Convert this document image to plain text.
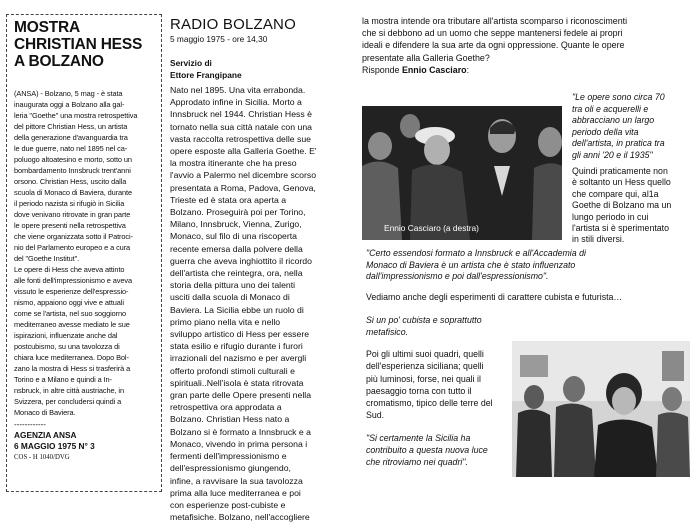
MOSTRA
CHRISTIAN HESS
A BOLZANO
(ANSA) - Bolzano, 5 mag - è stata
inaugurata oggi a Bolzano alla gal-
leria "Goethe" una mostra retrospettiva
del pittore Christian Hess, un artista
della generazione d'avanguardia tra
le due guerre, nato nel 1895 nel ca-
poluogo altoatesino e morto, sotto un
bombardamento Innsbruck trent'anni
orsono. Christian Hess, uscito dalla
scuola di Monaco di Baviera, durante
il periodo nazista si rifugiò in Sicilia
dove venivano ritrovate in gran parte
le opere presenti nella retrospettiva
che viene organizzata sotto il Patroci-
nio del Parlamento europeo e a cura
del "Goethe Institut".
Le opere di Hess che aveva attinto
alle fonti dell'impressionismo e aveva
vissuto le esperienze dell'espressio-
nismo, appaiono oggi vive e attuali
come se l'artista, nel suo soggiorno
mediterraneo avesse mediato le sue
ispirazioni, influenzate anche dal
postcubismo, su una tavolozza di
chiara luce mediterranea. Dopo Bol-
zano la mostra di Hess si trasferirà a
Torino e a Milano e quindi a In-
nsbruck, in altre città austriache, in
Svizzera, per concludersi quindi a
Monaco di Baviera.
------------
AGENZIA ANSA
6 MAGGIO 1975 N° 3
COS - H 1040/DVG
RADIO BOLZANO
5 maggio 1975 - ore 14,30
Servizio di
Ettore Frangipane
Nato nel 1895. Una vita errabonda.
Approdato infine in Sicilia. Morto a
Innsbruck nel 1944. Christian Hess è
tornato nella sua città natale con una
vasta raccolta retrospettiva delle sue
opere esposte alla Galleria Goethe. E'
la mostra itinerante che ha preso
l'avvio a Palermo nel dicembre scorso
presentata a Roma, Padova, Genova,
Trieste ed è stata ora aperta a
Bolzano. Proseguirà poi per Torino,
Milano, Innsbruck, Vienna, Zurigo,
Monaco, sul filo di una riscoperta
recente emersa dalla polvere della
guerra che aveva inghiottito il ricordo
dell'artista che reintegra, ora, nella
storia della pittura uno dei talenti
usciti dalla scuola di Monaco di
Baviera. La Sicilia ebbe un ruolo di
primo piano nella vita e nello
sviluppo artistico di Hess per essere
stata esilio e rifugio durante i furori
irrazionali del nazismo e per avergli
offerto profondi stimoli culturali e
spirituali..Nell'isola è stata ritrovata
gran parte delle Opere presenti nella
retrospettiva ora approdata a
Bolzano. Christian Hess nato a
Bolzano si è formato a Innsbruck e a
Monaco, vivendo in prima persona i
fermenti dell'impressionismo e
dell'espressionismo giungendo,
infine, a ravvisare la sua tavolozza
prima alla luce mediterranea e poi
con esperienze post-cubiste e
metafisiche. Bolzano, nell'accogliere
la mostra intende ora tributare all'artista scomparso i riconoscimenti
che si debbono ad un uomo che seppe mantenersi fedele ai propri
ideali e difendere la sua arte da ogni oppressione. Quante le opere
presentate alla Galleria Goethe?
Risponde Ennio Casciaro:
Ennio Casciaro (a destra)
"Le opere sono circa 70
tra oli e acquerelli e
abbracciano un largo
periodo della vita
dell'artista, in pratica tra
gli anni '20 e il 1935"
Quindi praticamente non
è soltanto un Hess quello
che compare qui, al1a
Goethe di Bolzano ma un
lungo periodo in cui
l'artista si è sperimentato
in stili diversi.
"Certo essendosi formato a Innsbruck e all'Accademia di
Monaco di Baviera è un artista che è stato influenzato
dall'impressionismo e poi dall'espressionismo".
Vediamo anche degli esperimenti di carattere cubista e futurista…
Si un po' cubista e soprattutto
metafisico.
Poi gli ultimi suoi quadri, quelli
dell'esperienza siciliana; quelli
più luminosi, forse, nei quali il
paesaggio torna con tutto il
cromatismo, tipico delle terre del
Sud.
"Si certamente la Sicilia ha
contribuito a questa nuova luce
che ritroviamo nei quadri".
